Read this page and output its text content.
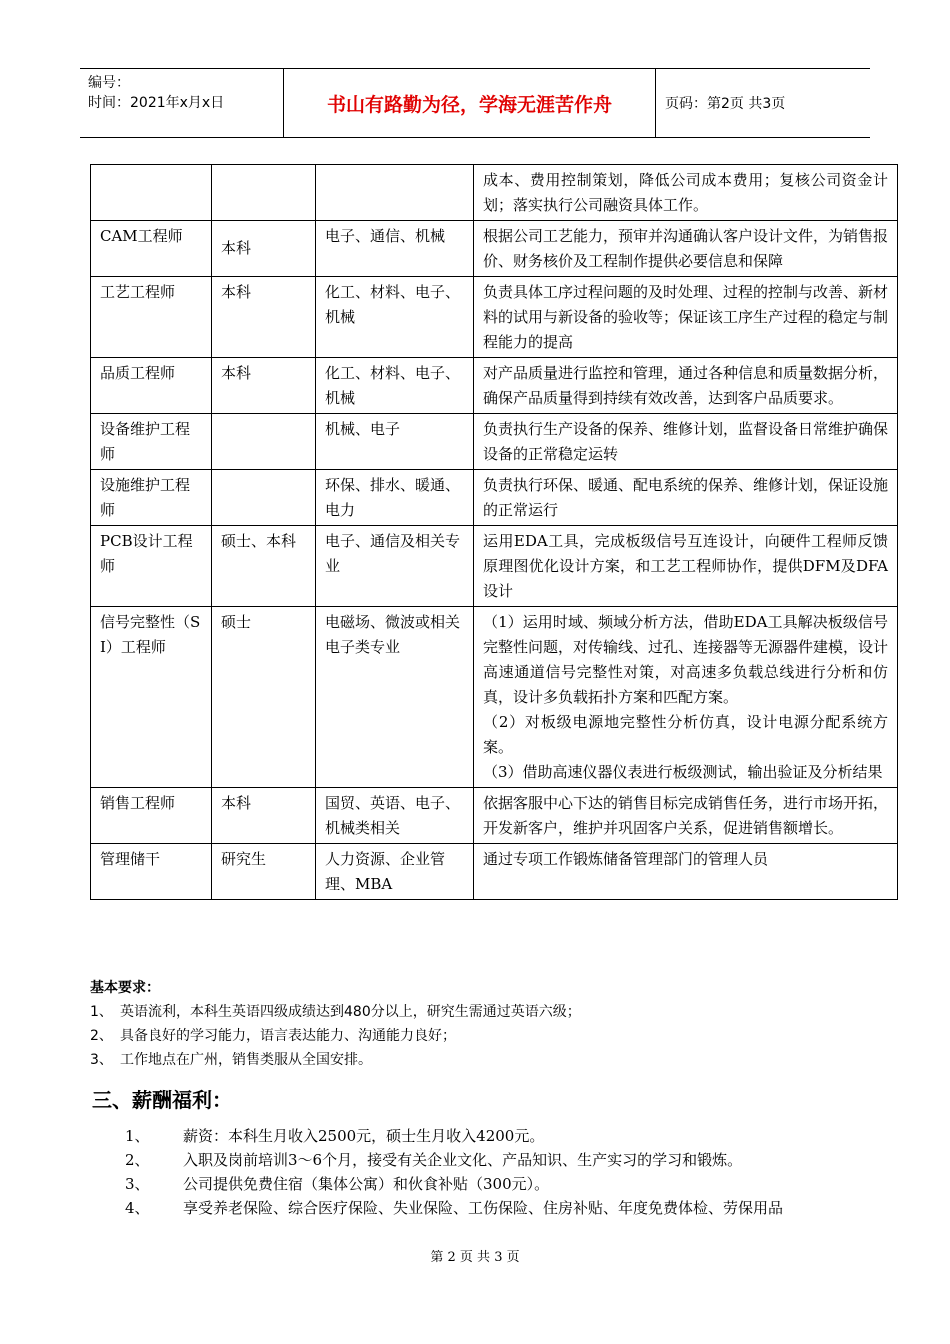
编号：
时间：2021年x月x日	书山有路勤为径，学海无涯苦作舟	页码：第2页 共3页

			成本、费用控制策划，降低公司成本费用；复核公司资金计划；落实执行公司融资具体工作。

CAM工程师	本科	电子、通信、机械	根据公司工艺能力，预审并沟通确认客户设计文件，为销售报价、财务核价及工程制作提供必要信息和保障

工艺工程师	本科	化工、材料、电子、机械	负责具体工序过程问题的及时处理、过程的控制与改善、新材料的试用与新设备的验收等；保证该工序生产过程的稳定与制程能力的提高

品质工程师	本科	化工、材料、电子、机械	对产品质量进行监控和管理，通过各种信息和质量数据分析，确保产品质量得到持续有效改善，达到客户品质要求。

设备维护工程师		机械、电子	负责执行生产设备的保养、维修计划，监督设备日常维护确保设备的正常稳定运转

设施维护工程师		环保、排水、暖通、电力	负责执行环保、暖通、配电系统的保养、维修计划，保证设施的正常运行

PCB设计工程师	硕士、本科	电子、通信及相关专业	运用EDA工具，完成板级信号互连设计，向硬件工程师反馈原理图优化设计方案，和工艺工程师协作，提供DFM及DFA设计

信号完整性（SI）工程师	硕士	电磁场、微波或相关电子类专业	（1）运用时域、频域分析方法，借助EDA工具解决板级信号完整性问题，对传输线、过孔、连接器等无源器件建模，设计高速通道信号完整性对策，对高速多负载总线进行分析和仿真，设计多负载拓扑方案和匹配方案。

（2）对板级电源地完整性分析仿真，设计电源分配系统方案。

（3）借助高速仪器仪表进行板级测试，输出验证及分析结果

销售工程师	本科	国贸、英语、电子、机械类相关	依据客服中心下达的销售目标完成销售任务，进行市场开拓，开发新客户，维护并巩固客户关系，促进销售额增长。

管理储干	研究生	人力资源、企业管理、MBA	通过专项工作锻炼储备管理部门的管理人员

基本要求：
1、 英语流利，本科生英语四级成绩达到480分以上，研究生需通过英语六级；
2、 具备良好的学习能力，语言表达能力、沟通能力良好；
3、 工作地点在广州，销售类服从全国安排。
三、薪酬福利：
1、	薪资：本科生月收入2500元，硕士生月收入4200元。
2、	入职及岗前培训3～6个月，接受有关企业文化、产品知识、生产实习的学习和锻炼。
3、	公司提供免费住宿（集体公寓）和伙食补贴（300元）。
4、	享受养老保险、综合医疗保险、失业保险、工伤保险、住房补贴、年度免费体检、劳保用品
第 2 页 共 3 页
